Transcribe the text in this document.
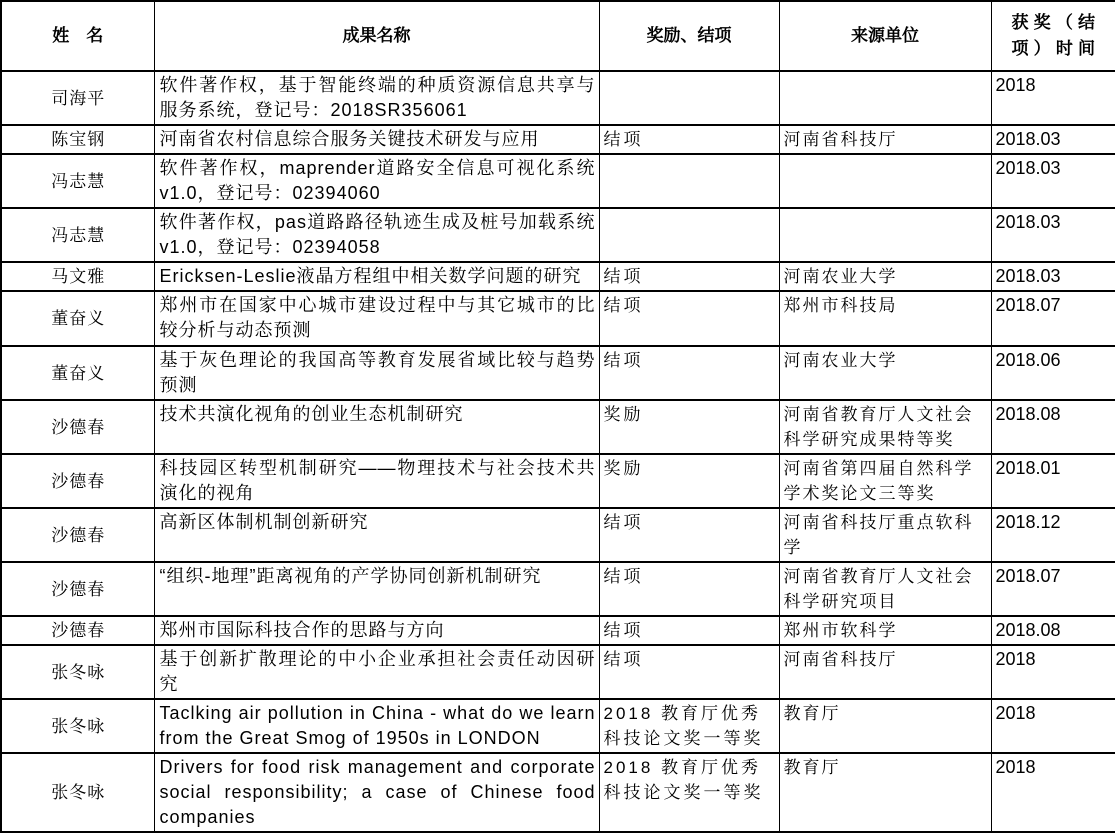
姓　名	成果名称	奖励、结项	来源单位	获奖（结项）时间
司海平	软件著作权，基于智能终端的种质资源信息共享与服务系统，登记号：2018SR356061			2018
陈宝钢	河南省农村信息综合服务关键技术研发与应用	结项	河南省科技厅	2018.03
冯志慧	软件著作权，maprender道路安全信息可视化系统v1.0，登记号：02394060			2018.03
冯志慧	软件著作权，pas道路路径轨迹生成及桩号加载系统v1.0，登记号：02394058			2018.03
马文雅	Ericksen-Leslie液晶方程组中相关数学问题的研究	结项	河南农业大学	2018.03
董奋义	郑州市在国家中心城市建设过程中与其它城市的比较分析与动态预测	结项	郑州市科技局	2018.07
董奋义	基于灰色理论的我国高等教育发展省域比较与趋势预测	结项	河南农业大学	2018.06
沙德春	技术共演化视角的创业生态机制研究	奖励	河南省教育厅人文社会科学研究成果特等奖	2018.08
沙德春	科技园区转型机制研究——物理技术与社会技术共演化的视角	奖励	河南省第四届自然科学学术奖论文三等奖	2018.01
沙德春	高新区体制机制创新研究	结项	河南省科技厅重点软科学	2018.12
沙德春	“组织-地理”距离视角的产学协同创新机制研究	结项	河南省教育厅人文社会科学研究项目	2018.07
沙德春	郑州市国际科技合作的思路与方向	结项	郑州市软科学	2018.08
张冬咏	基于创新扩散理论的中小企业承担社会责任动因研究	结项	河南省科技厅	2018
张冬咏	Taclking air pollution in China - what do we learn from the Great Smog of 1950s in LONDON	2018 教育厅优秀科技论文奖一等奖	教育厅	2018
张冬咏	Drivers for food risk management and corporate social responsibility; a case of Chinese food companies	2018 教育厅优秀科技论文奖一等奖	教育厅	2018
